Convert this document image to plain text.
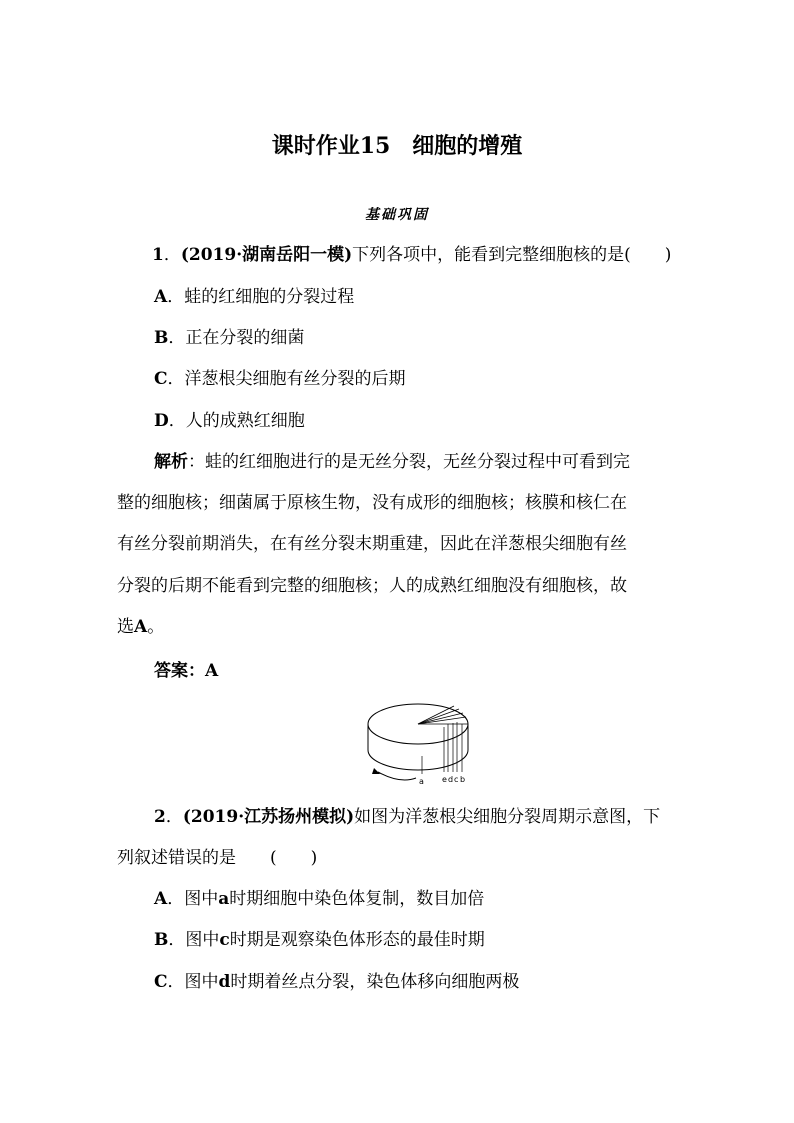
课时作业15　细胞的增殖
基础巩固
1．(2019·湖南岳阳一模)下列各项中，能看到完整细胞核的是(　　)
A．蛙的红细胞的分裂过程
B．正在分裂的细菌
C．洋葱根尖细胞有丝分裂的后期
D．人的成熟红细胞
解析：蛙的红细胞进行的是无丝分裂，无丝分裂过程中可看到完
整的细胞核；细菌属于原核生物，没有成形的细胞核；核膜和核仁在
有丝分裂前期消失，在有丝分裂末期重建，因此在洋葱根尖细胞有丝
分裂的后期不能看到完整的细胞核；人的成熟红细胞没有细胞核，故
选A。
答案：A
a e d c b
2．(2019·江苏扬州模拟)如图为洋葱根尖细胞分裂周期示意图，下
列叙述错误的是　　(　　)
A．图中a时期细胞中染色体复制，数目加倍
B．图中c时期是观察染色体形态的最佳时期
C．图中d时期着丝点分裂，染色体移向细胞两极
